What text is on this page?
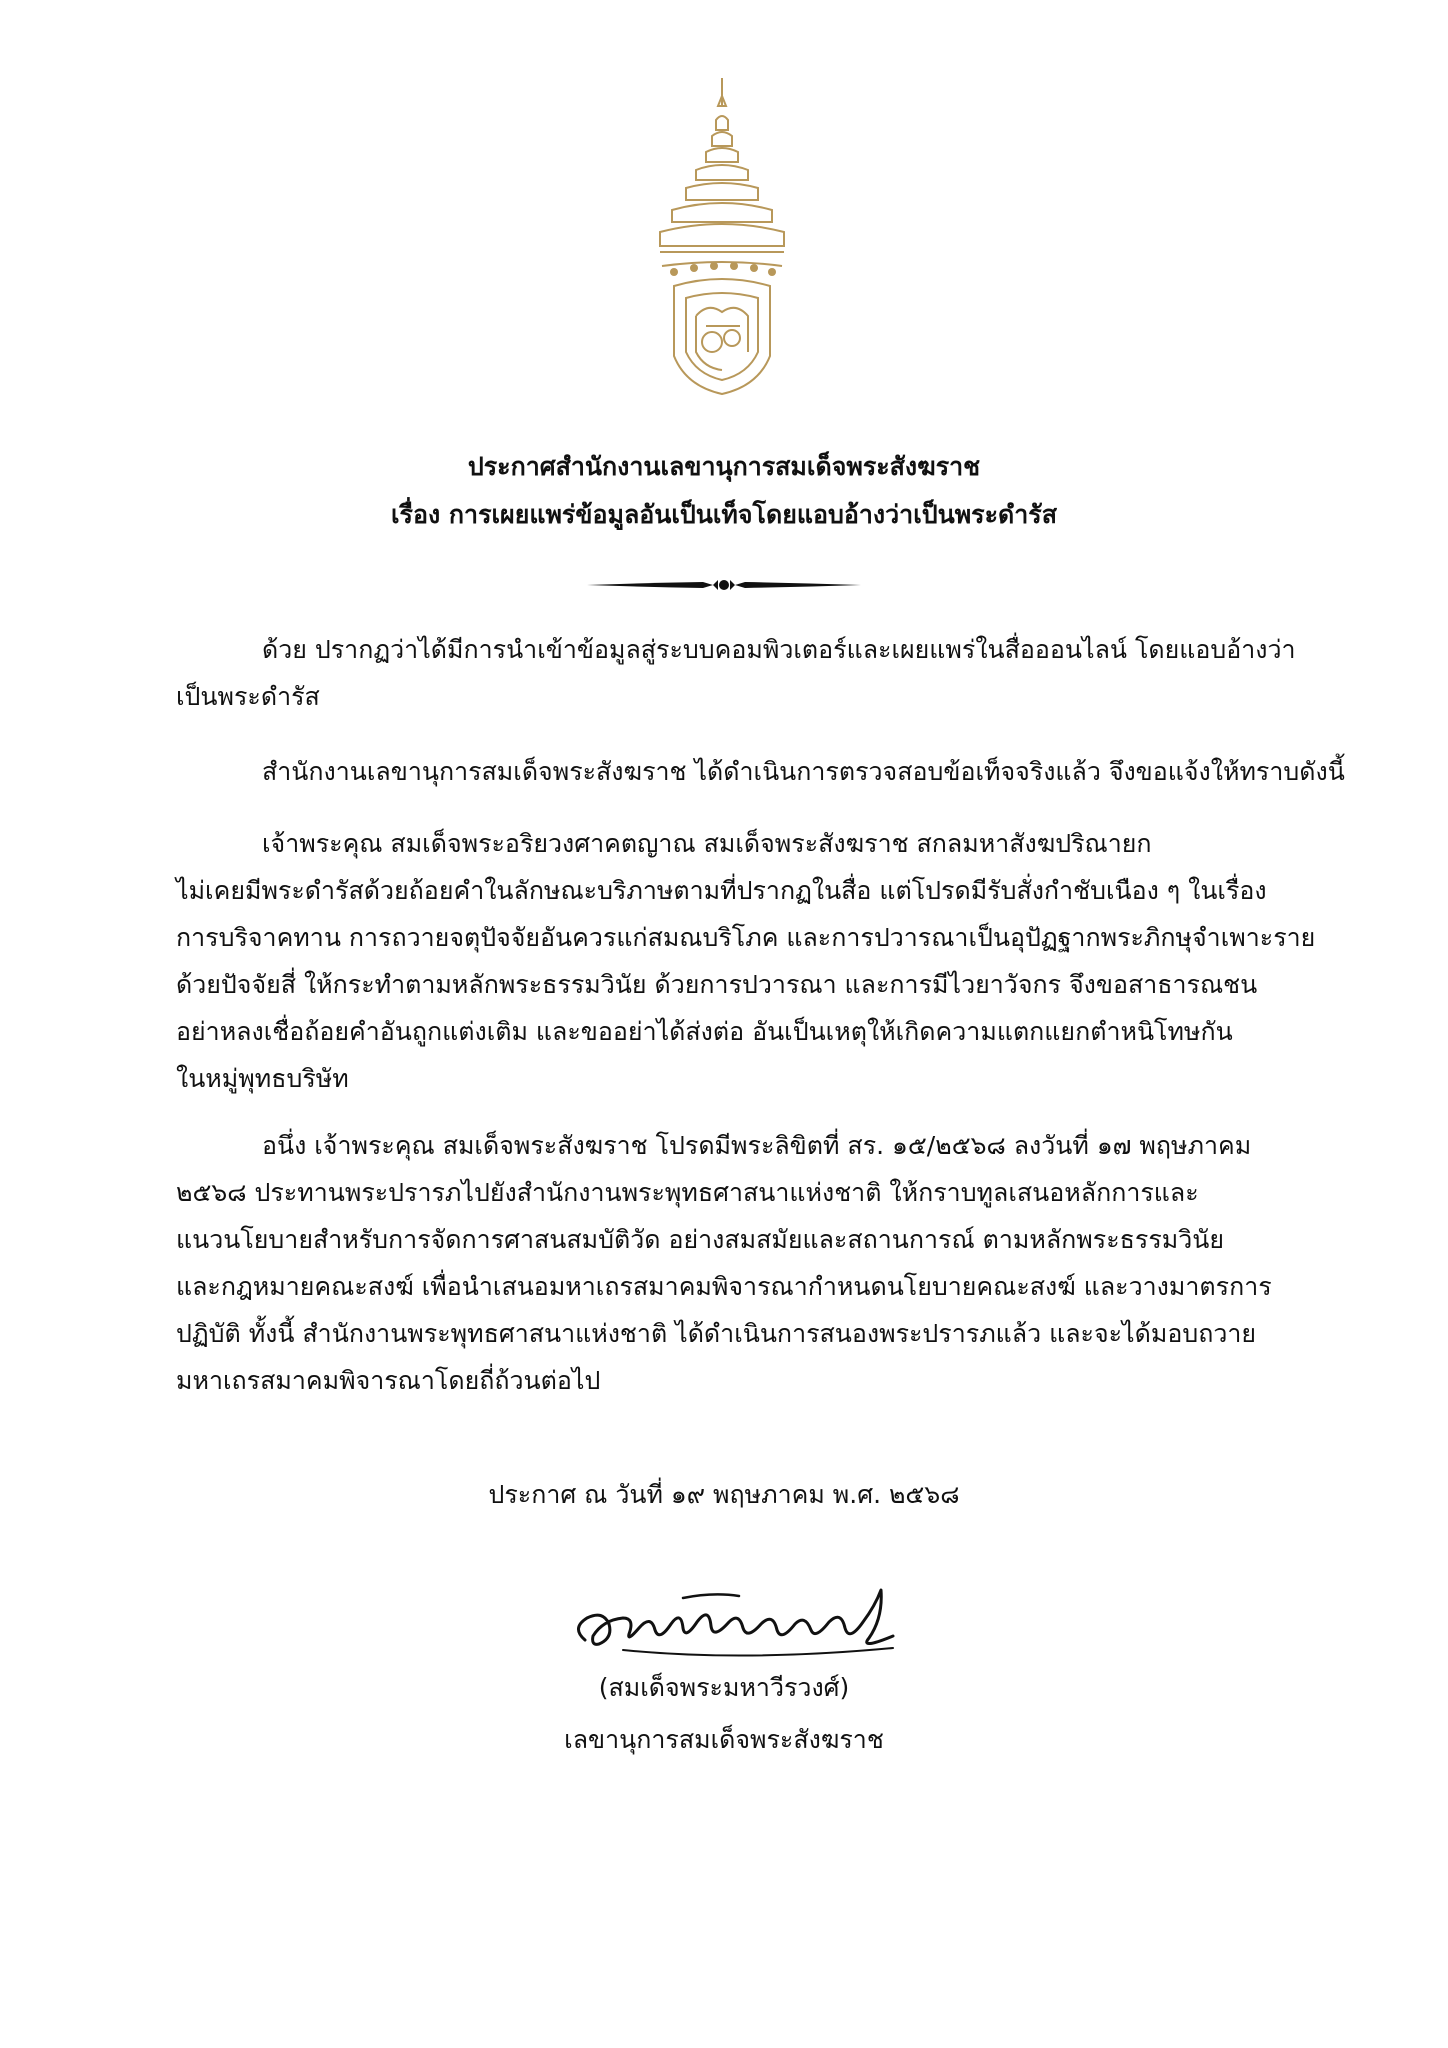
ประกาศสำนักงานเลขานุการสมเด็จพระสังฆราช
เรื่อง การเผยแพร่ข้อมูลอันเป็นเท็จโดยแอบอ้างว่าเป็นพระดำรัส

ด้วย ปรากฏว่าได้มีการนำเข้าข้อมูลสู่ระบบคอมพิวเตอร์และเผยแพร่ในสื่อออนไลน์ โดยแอบอ้างว่า
เป็นพระดำรัส

สำนักงานเลขานุการสมเด็จพระสังฆราช ได้ดำเนินการตรวจสอบข้อเท็จจริงแล้ว จึงขอแจ้งให้ทราบดังนี้

เจ้าพระคุณ สมเด็จพระอริยวงศาคตญาณ สมเด็จพระสังฆราช สกลมหาสังฆปริณายก
ไม่เคยมีพระดำรัสด้วยถ้อยคำในลักษณะบริภาษตามที่ปรากฏในสื่อ แต่โปรดมีรับสั่งกำชับเนือง ๆ ในเรื่อง
การบริจาคทาน การถวายจตุปัจจัยอันควรแก่สมณบริโภค และการปวารณาเป็นอุปัฏฐากพระภิกษุจำเพาะราย
ด้วยปัจจัยสี่ ให้กระทำตามหลักพระธรรมวินัย ด้วยการปวารณา และการมีไวยาวัจกร จึงขอสาธารณชน
อย่าหลงเชื่อถ้อยคำอันถูกแต่งเติม และขออย่าได้ส่งต่อ อันเป็นเหตุให้เกิดความแตกแยกตำหนิโทษกัน
ในหมู่พุทธบริษัท

อนึ่ง เจ้าพระคุณ สมเด็จพระสังฆราช โปรดมีพระลิขิตที่ สร. ๑๕/๒๕๖๘ ลงวันที่ ๑๗ พฤษภาคม
๒๕๖๘ ประทานพระปรารภไปยังสำนักงานพระพุทธศาสนาแห่งชาติ ให้กราบทูลเสนอหลักการและ
แนวนโยบายสำหรับการจัดการศาสนสมบัติวัด อย่างสมสมัยและสถานการณ์ ตามหลักพระธรรมวินัย
และกฎหมายคณะสงฆ์ เพื่อนำเสนอมหาเถรสมาคมพิจารณากำหนดนโยบายคณะสงฆ์ และวางมาตรการ
ปฏิบัติ ทั้งนี้ สำนักงานพระพุทธศาสนาแห่งชาติ ได้ดำเนินการสนองพระปรารภแล้ว และจะได้มอบถวาย
มหาเถรสมาคมพิจารณาโดยถี่ถ้วนต่อไป

ประกาศ ณ วันที่ ๑๙ พฤษภาคม พ.ศ. ๒๕๖๘
(สมเด็จพระมหาวีรวงศ์)
เลขานุการสมเด็จพระสังฆราช
